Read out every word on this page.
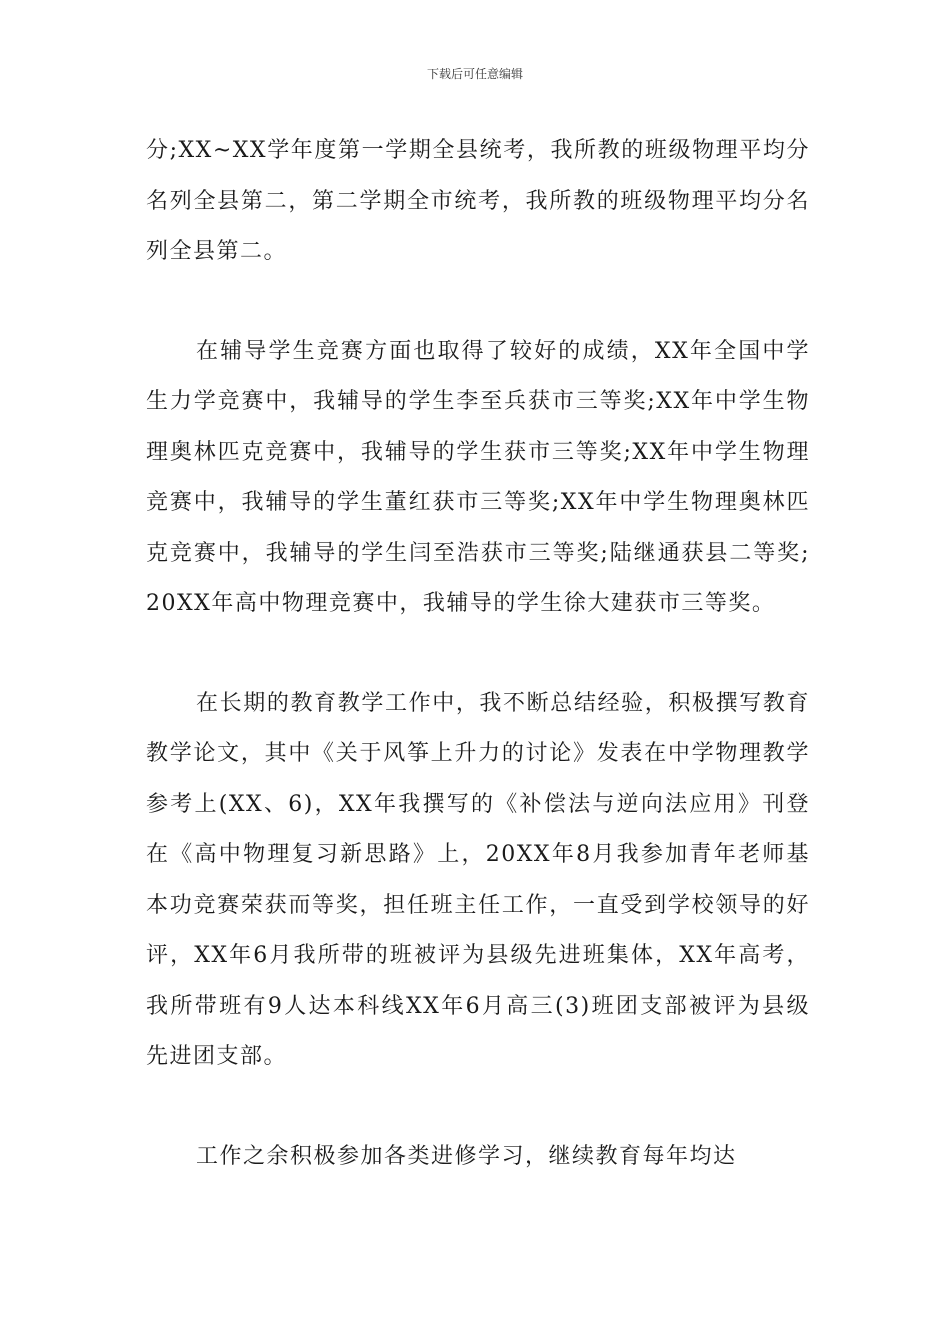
下载后可任意编辑

分;XX~XX学年度第一学期全县统考，我所教的班级物理平均分名列全县第二，第二学期全市统考，我所教的班级物理平均分名列全县第二。

在辅导学生竞赛方面也取得了较好的成绩，XX年全国中学生力学竞赛中，我辅导的学生李至兵获市三等奖;XX年中学生物理奥林匹克竞赛中，我辅导的学生获市三等奖;XX年中学生物理竞赛中，我辅导的学生董红获市三等奖;XX年中学生物理奥林匹克竞赛中，我辅导的学生闫至浩获市三等奖;陆继通获县二等奖;20XX年高中物理竞赛中，我辅导的学生徐大建获市三等奖。

在长期的教育教学工作中，我不断总结经验，积极撰写教育教学论文，其中《关于风筝上升力的讨论》发表在中学物理教学参考上(XX、6)，XX年我撰写的《补偿法与逆向法应用》刊登在《高中物理复习新思路》上，20XX年8月我参加青年老师基本功竞赛荣获而等奖，担任班主任工作，一直受到学校领导的好评，XX年6月我所带的班被评为县级先进班集体，XX年高考，我所带班有9人达本科线XX年6月高三(3)班团支部被评为县级先进团支部。

工作之余积极参加各类进修学习，继续教育每年均达
